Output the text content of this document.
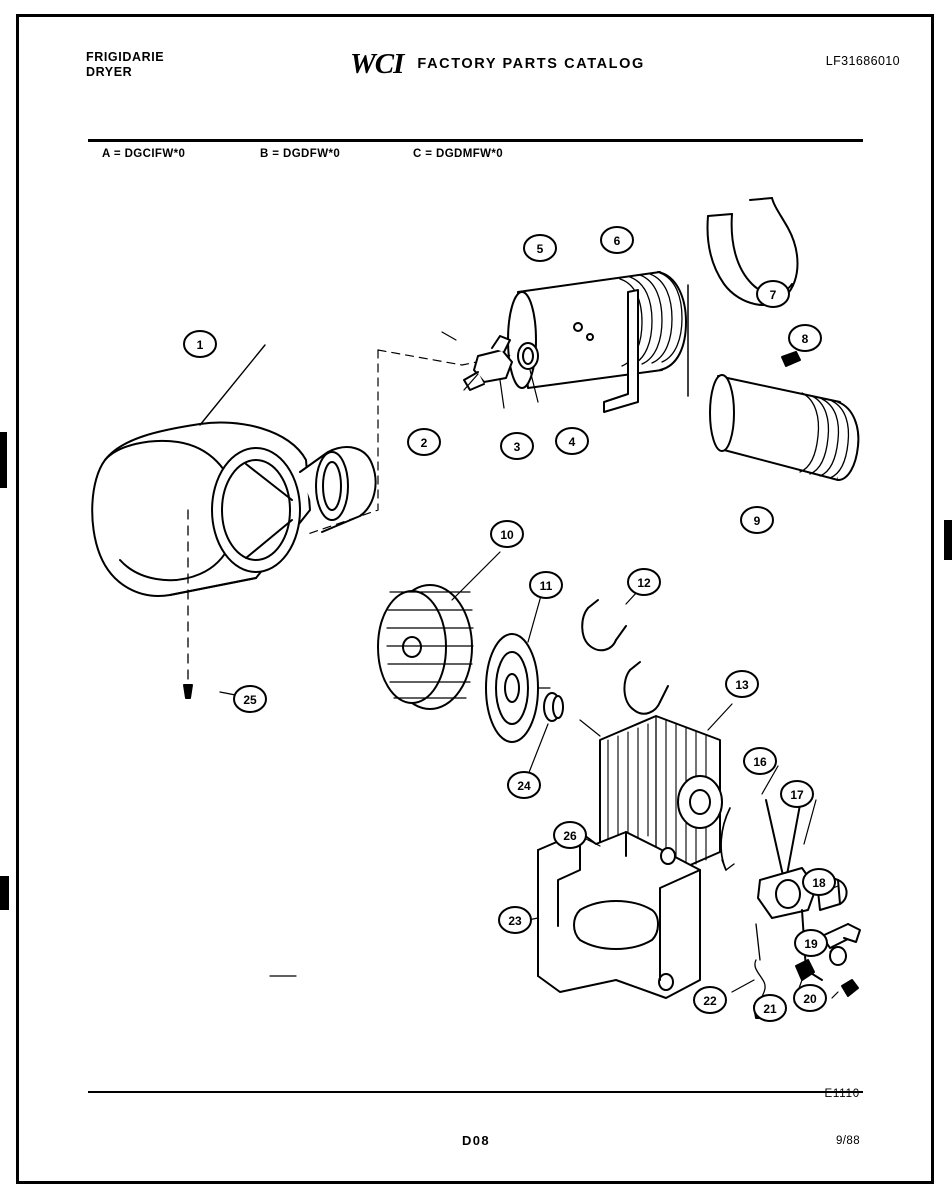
FRIGIDARIE
DRYER	WCI FACTORY PARTS CATALOG	LF31686010
A = DGCIFW*0	B = DGDFW*0	C = DGDMFW*0
1
2	3	4
5
6
7
8
9
10
11	12
13
16
17
18
19
20
21
22
23
24
25
26
E1110
D08	9/88
